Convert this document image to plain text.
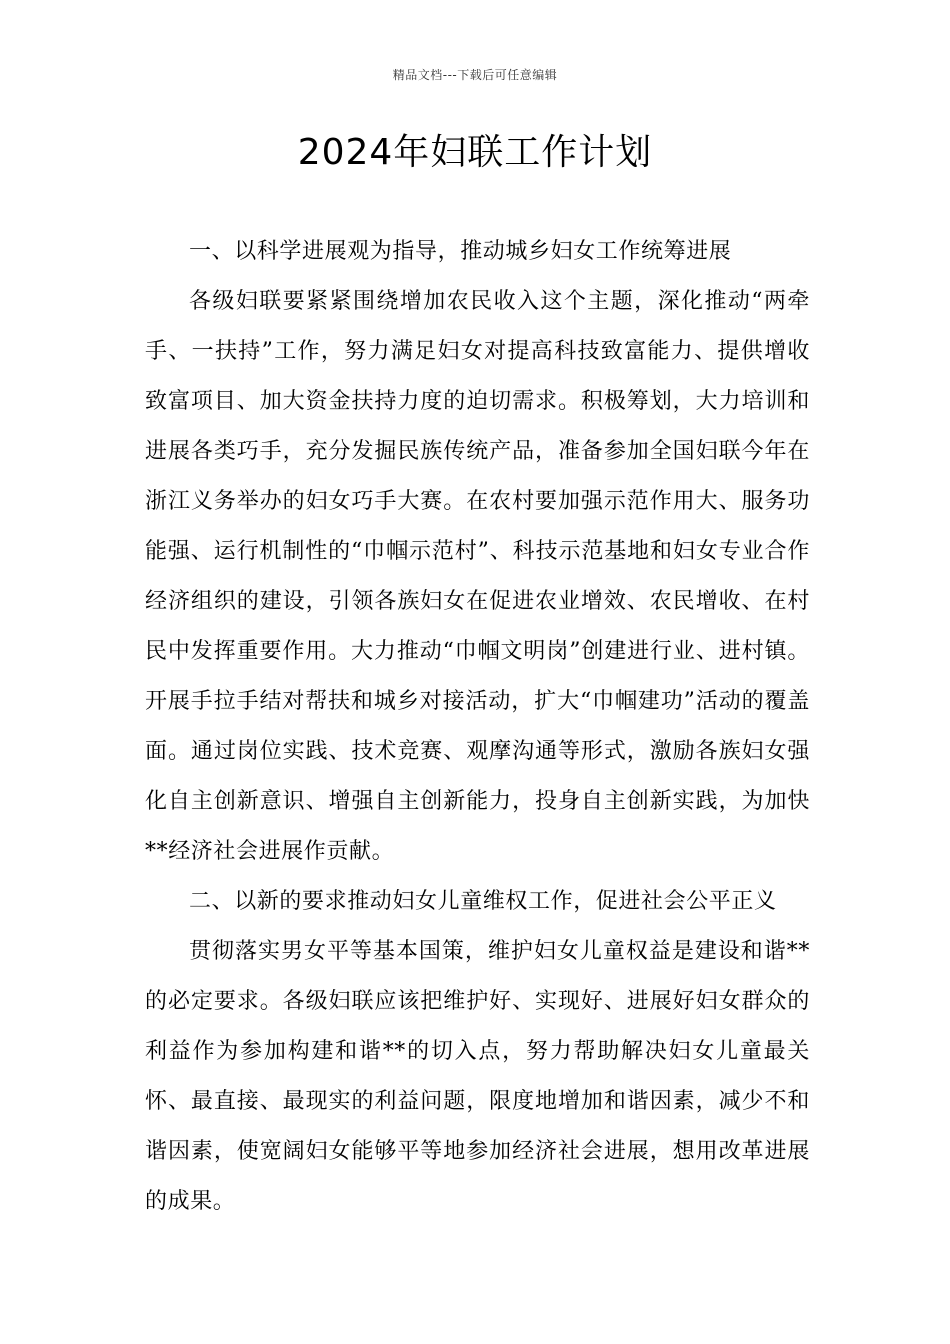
精品文档---下载后可任意编辑
2024年妇联工作计划

一、以科学进展观为指导，推动城乡妇女工作统筹进展

各级妇联要紧紧围绕增加农民收入这个主题，深化推动“两牵手、一扶持”工作，努力满足妇女对提高科技致富能力、提供增收致富项目、加大资金扶持力度的迫切需求。积极筹划，大力培训和进展各类巧手，充分发掘民族传统产品，准备参加全国妇联今年在浙江义务举办的妇女巧手大赛。在农村要加强示范作用大、服务功能强、运行机制性的“巾帼示范村”、科技示范基地和妇女专业合作经济组织的建设，引领各族妇女在促进农业增效、农民增收、在村民中发挥重要作用。大力推动“巾帼文明岗”创建进行业、进村镇。开展手拉手结对帮扶和城乡对接活动，扩大“巾帼建功”活动的覆盖面。通过岗位实践、技术竞赛、观摩沟通等形式，激励各族妇女强化自主创新意识、增强自主创新能力，投身自主创新实践，为加快**经济社会进展作贡献。

二、以新的要求推动妇女儿童维权工作，促进社会公平正义

贯彻落实男女平等基本国策，维护妇女儿童权益是建设和谐**的必定要求。各级妇联应该把维护好、实现好、进展好妇女群众的利益作为参加构建和谐**的切入点，努力帮助解决妇女儿童最关怀、最直接、最现实的利益问题，限度地增加和谐因素，减少不和谐因素，使宽阔妇女能够平等地参加经济社会进展，想用改革进展的成果。
